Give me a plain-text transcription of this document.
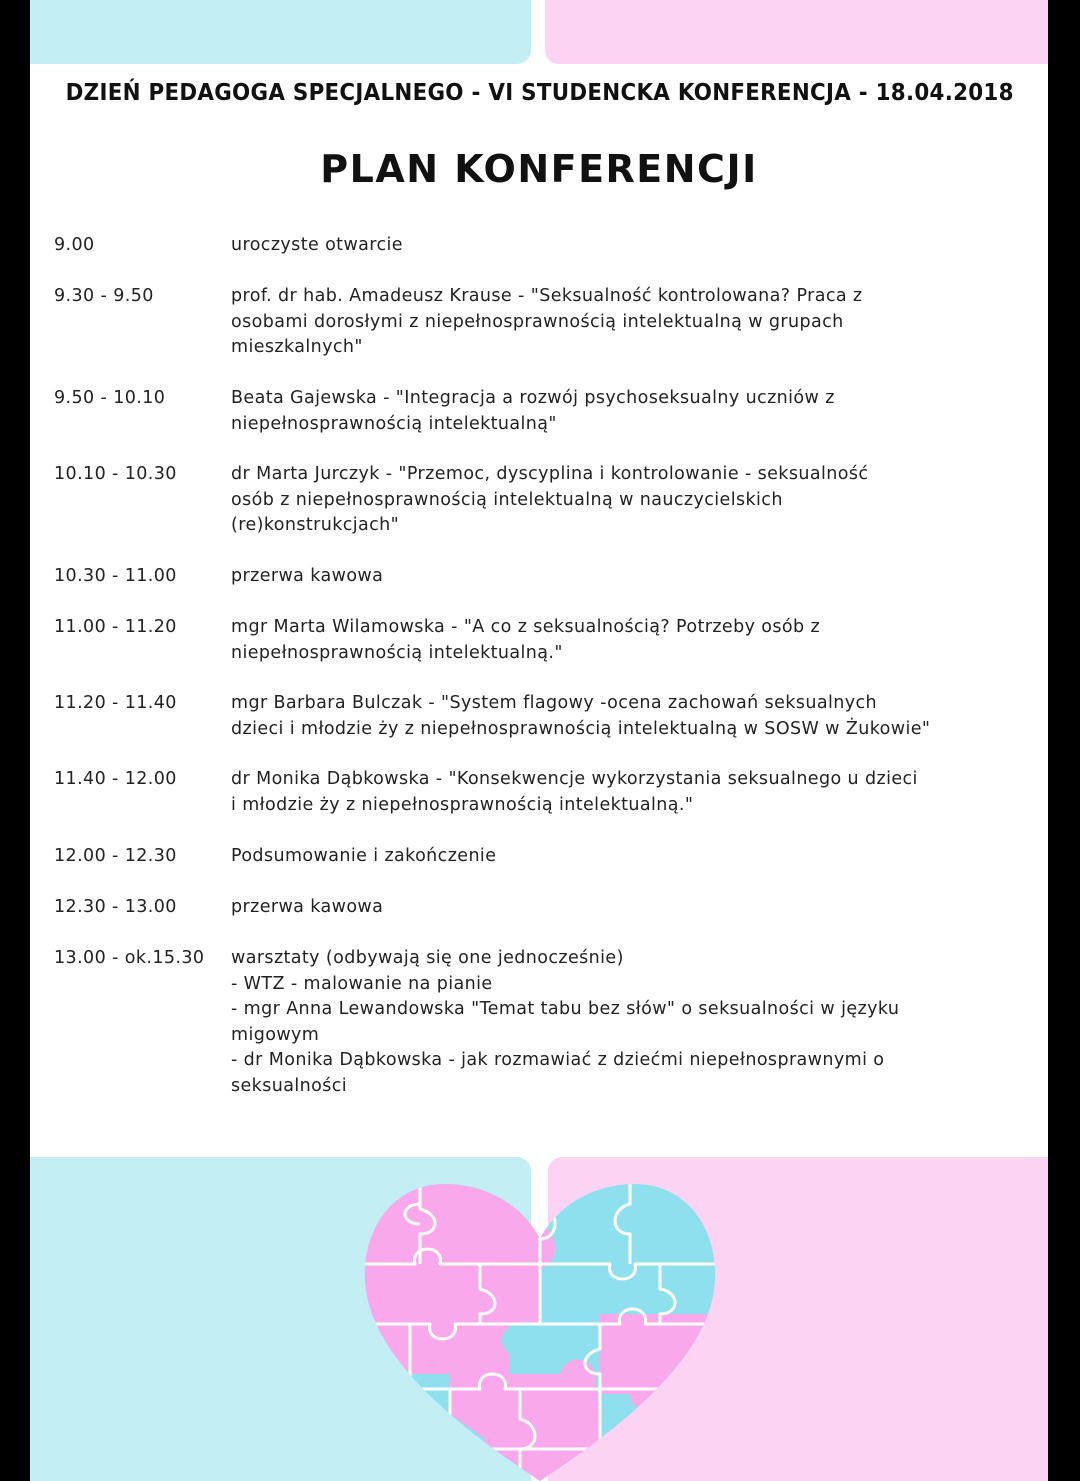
DZIEŃ PEDAGOGA SPECJALNEGO - VI STUDENCKA KONFERENCJA - 18.04.2018
PLAN KONFERENCJI
9.00	uroczyste otwarcie
9.30 - 9.50	prof. dr hab. Amadeusz Krause - "Seksualność kontrolowana? Praca z
osobami dorosłymi z niepełnosprawnością intelektualną w grupach
mieszkalnych"
9.50 - 10.10	Beata Gajewska - "Integracja a rozwój psychoseksualny uczniów z
niepełnosprawnością intelektualną"
10.10 - 10.30	dr Marta Jurczyk - "Przemoc, dyscyplina i kontrolowanie - seksualność
osób z niepełnosprawnością intelektualną w nauczycielskich
(re)konstrukcjach"
10.30 - 11.00	przerwa kawowa
11.00 - 11.20	mgr Marta Wilamowska - "A co z seksualnością? Potrzeby osób z
niepełnosprawnością intelektualną."
11.20 - 11.40	mgr Barbara Bulczak - "System flagowy -ocena zachowań seksualnych
dzieci i młodzie ży z niepełnosprawnością intelektualną w SOSW w Żukowie"
11.40 - 12.00	dr Monika Dąbkowska - "Konsekwencje wykorzystania seksualnego u dzieci
i młodzie ży z niepełnosprawnością intelektualną."
12.00 - 12.30	Podsumowanie i zakończenie
12.30 - 13.00	przerwa kawowa
13.00 - ok.15.30 warsztaty (odbywają się one jednocześnie)
- WTZ - malowanie na pianie
- mgr Anna Lewandowska "Temat tabu bez słów" o seksualności w języku
migowym
- dr Monika Dąbkowska - jak rozmawiać z dziećmi niepełnosprawnymi o
seksualności
